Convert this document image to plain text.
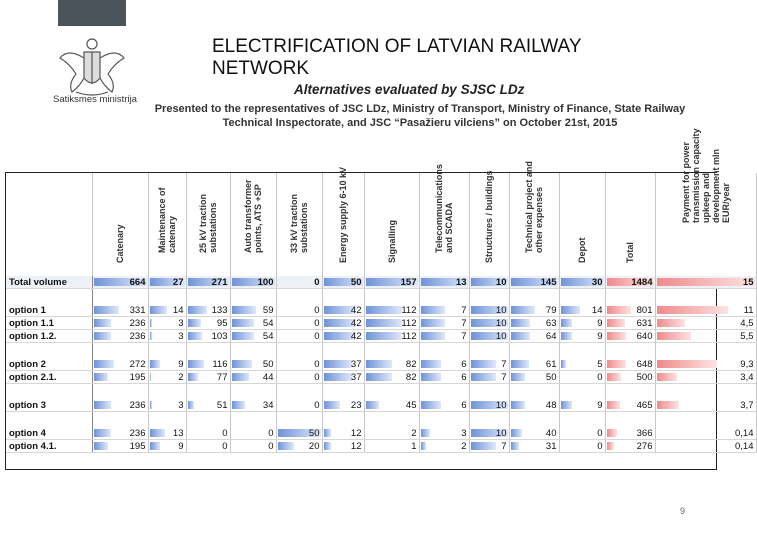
Satiksmes ministrija
ELECTRIFICATION OF LATVIAN RAILWAY NETWORK
Alternatives evaluated by SJSC LDz
Presented to the representatives of JSC LDz, Ministry of Transport, Ministry of Finance, State Railway Technical Inspectorate, and JSC “Pasažieru vilciens” on October 21st, 2015

	Catenary	Maintenance of catenary	25 kV traction substations	Auto transformer points, ATS +SP	33 kV traction substations	Energy supply 6-10 kV	Signalling	Telecommunications and SCADA	Structures / buildings	Technical project and other expenses	Depot	Total	Payment for power transmission capacity upkeep and development mln EUR/year

Total volume	664	27	271	100	0	50	157	13	10	145	30	1484	15

option 1	331	14	133	59	0	42	112	7	10	79	14	801	11
option 1.1	236	3	95	54	0	42	112	7	10	63	9	631	4,5
option 1.2.	236	3	103	54	0	42	112	7	10	64	9	640	5,5

option 2	272	9	116	50	0	37	82	6	7	61	5	648	9,3
option 2.1.	195	2	77	44	0	37	82	6	7	50	0	500	3,4

option 3	236	3	51	34	0	23	45	6	10	48	9	465	3,7

option 4	236	13	0	0	50	12	2	3	10	40	0	366	0,14
option 4.1.	195	9	0	0	20	12	1	2	7	31	0	276	0,14
9
